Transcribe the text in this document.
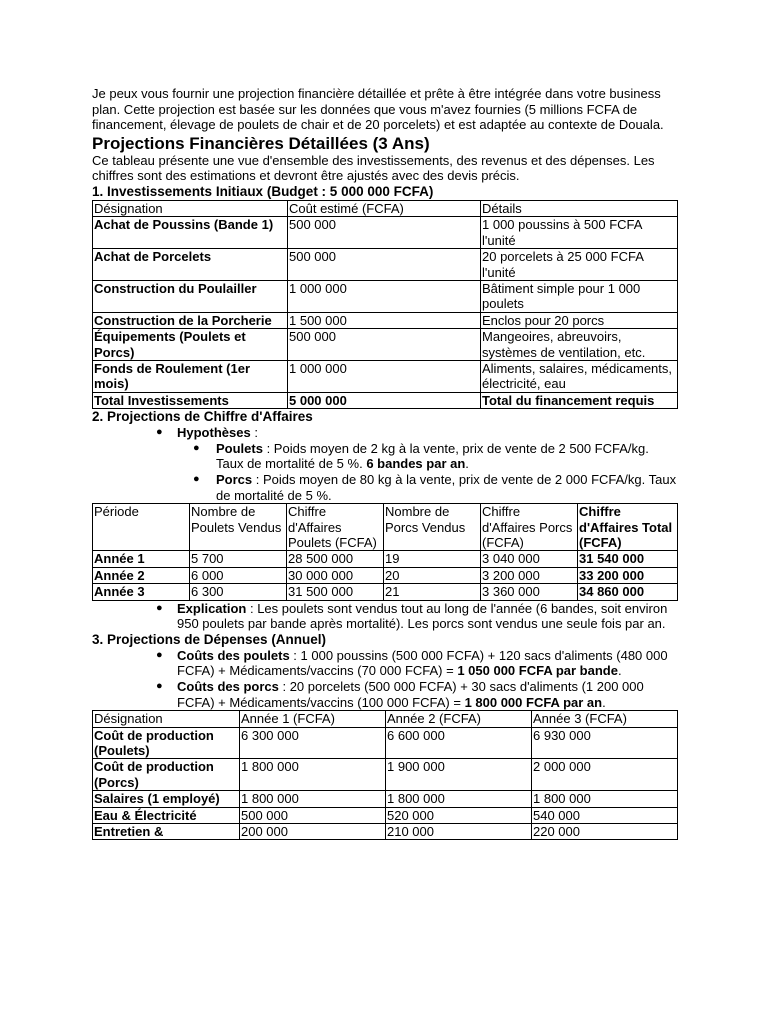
Je peux vous fournir une projection financière détaillée et prête à être intégrée dans votre business plan. Cette projection est basée sur les données que vous m'avez fournies (5 millions FCFA de financement, élevage de poulets de chair et de 20 porcelets) et est adaptée au contexte de Douala.

Projections Financières Détaillées (3 Ans)

Ce tableau présente une vue d'ensemble des investissements, des revenus et des dépenses. Les chiffres sont des estimations et devront être ajustés avec des devis précis.

1. Investissements Initiaux (Budget : 5 000 000 FCFA)
Désignation	Coût estimé (FCFA)	Détails
Achat de Poussins (Bande 1)	500 000	1 000 poussins à 500 FCFA l'unité
Achat de Porcelets	500 000	20 porcelets à 25 000 FCFA l'unité
Construction du Poulailler	1 000 000	Bâtiment simple pour 1 000 poulets
Construction de la Porcherie	1 500 000	Enclos pour 20 porcs
Équipements (Poulets et Porcs)	500 000	Mangeoires, abreuvoirs, systèmes de ventilation, etc.
Fonds de Roulement (1er mois)	1 000 000	Aliments, salaires, médicaments, électricité, eau
Total Investissements	5 000 000	Total du financement requis
2. Projections de Chiffre d'Affaires
● Hypothèses :
● Poulets : Poids moyen de 2 kg à la vente, prix de vente de 2 500 FCFA/kg. Taux de mortalité de 5 %. 6 bandes par an.
● Porcs : Poids moyen de 80 kg à la vente, prix de vente de 2 000 FCFA/kg. Taux de mortalité de 5 %.
Période	Nombre de Poulets Vendus	Chiffre d'Affaires Poulets (FCFA)	Nombre de Porcs Vendus	Chiffre d'Affaires Porcs (FCFA)	Chiffre d'Affaires Total (FCFA)
Année 1	5 700	28 500 000	19	3 040 000	31 540 000
Année 2	6 000	30 000 000	20	3 200 000	33 200 000
Année 3	6 300	31 500 000	21	3 360 000	34 860 000
● Explication : Les poulets sont vendus tout au long de l'année (6 bandes, soit environ 950 poulets par bande après mortalité). Les porcs sont vendus une seule fois par an.
3. Projections de Dépenses (Annuel)
● Coûts des poulets : 1 000 poussins (500 000 FCFA) + 120 sacs d'aliments (480 000 FCFA) + Médicaments/vaccins (70 000 FCFA) = 1 050 000 FCFA par bande.
● Coûts des porcs : 20 porcelets (500 000 FCFA) + 30 sacs d'aliments (1 200 000 FCFA) + Médicaments/vaccins (100 000 FCFA) = 1 800 000 FCFA par an.
Désignation	Année 1 (FCFA)	Année 2 (FCFA)	Année 3 (FCFA)
Coût de production (Poulets)	6 300 000	6 600 000	6 930 000
Coût de production (Porcs)	1 800 000	1 900 000	2 000 000
Salaires (1 employé)	1 800 000	1 800 000	1 800 000
Eau & Électricité	500 000	520 000	540 000
Entretien &	200 000	210 000	220 000
